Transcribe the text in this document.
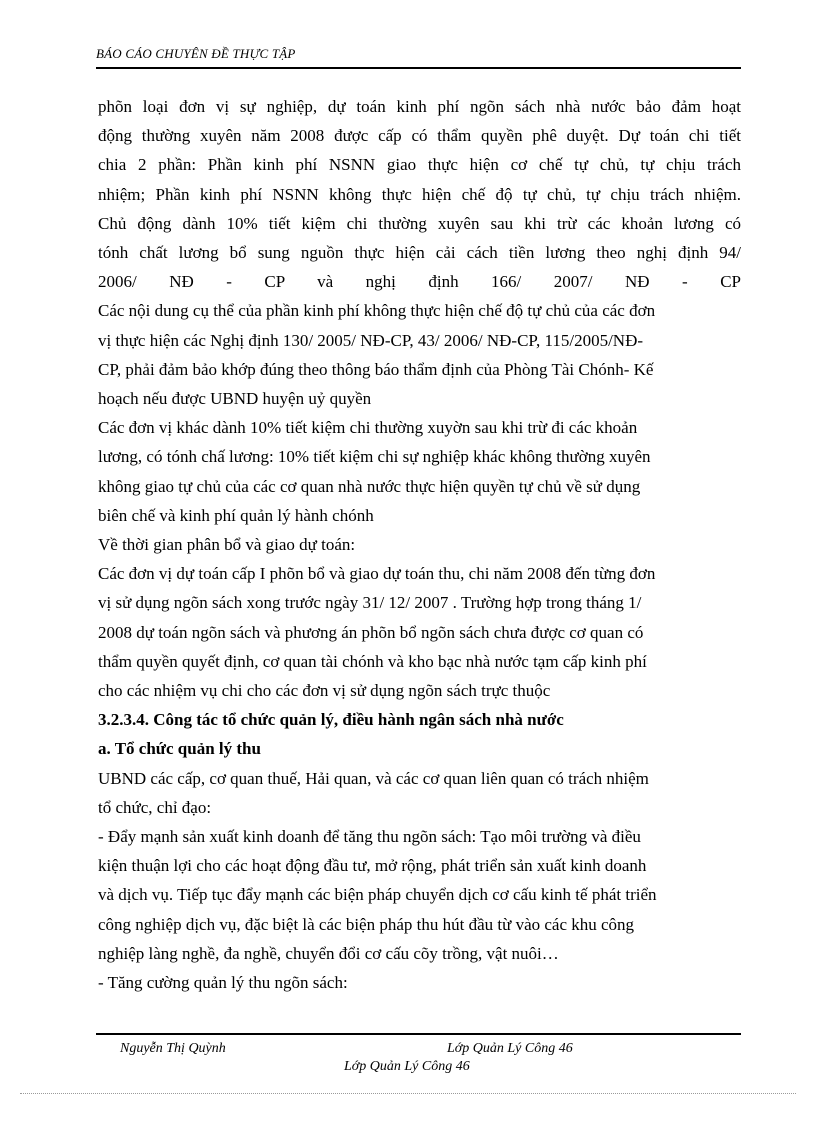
BÁO CÁO CHUYÊN ĐỀ THỰC TẬP

phõn loại đơn vị sự nghiệp, dự toán kinh phí ngõn sách nhà nước bảo đảm hoạt
động thường xuyên năm 2008 được cấp có thẩm quyền phê duyệt. Dự toán chi tiết
chia 2 phần: Phần kinh phí NSNN giao thực hiện cơ chế tự chủ, tự chịu trách
nhiệm; Phần kinh phí NSNN không thực hiện chế độ tự chủ, tự chịu trách nhiệm.
Chủ động dành 10% tiết kiệm chi thường xuyên sau khi trừ các khoản lương có
tónh chất lương bổ sung nguồn thực hiện cải cách tiền lương theo nghị định 94/
2006/ NĐ - CP và nghị định 166/ 2007/ NĐ - CP

Các nội dung cụ thể của phần kinh phí không thực hiện chế độ tự chủ của các đơn
vị thực hiện các Nghị định 130/ 2005/ NĐ-CP, 43/ 2006/ NĐ-CP, 115/2005/NĐ-
CP, phải đảm bảo khớp đúng theo thông báo thẩm định của Phòng Tài Chónh- Kế
hoạch nếu được UBND huyện uỷ quyền

Các đơn vị khác dành 10% tiết kiệm chi thường xuyờn sau khi trừ đi các khoản
lương, có tónh chấ lương: 10% tiết kiệm chi sự nghiệp khác không thường xuyên
không giao tự chủ của các cơ quan nhà nước thực hiện quyền tự chủ về sử dụng
biên chế và kinh phí quản lý hành chónh

Về thời gian phân bổ và giao dự toán:

Các đơn vị dự toán cấp I phõn bổ và giao dự toán thu, chi năm 2008 đến từng đơn
vị sử dụng ngõn sách xong trước ngày 31/ 12/ 2007 . Trường hợp trong tháng 1/
2008 dự toán ngõn sách và phương án phõn bổ ngõn sách chưa được cơ quan có
thẩm quyền quyết định, cơ quan tài chónh và kho bạc nhà nước tạm cấp kinh phí
cho các nhiệm vụ chi cho các đơn vị sử dụng ngõn sách trực thuộc

3.2.3.4. Công tác tổ chức quản lý, điều hành ngân sách nhà nước
a. Tổ chức quản lý thu

UBND các cấp, cơ quan thuế, Hải quan, và các cơ quan liên quan có trách nhiệm
tổ chức, chỉ đạo:

- Đẩy mạnh sản xuất kinh doanh để tăng thu ngõn sách: Tạo môi trường và điều
kiện thuận lợi cho các hoạt động đầu tư, mở rộng, phát triển sản xuất kinh doanh
và dịch vụ. Tiếp tục đẩy mạnh các biện pháp chuyển dịch cơ cấu kinh tế phát triển
công nghiệp dịch vụ, đặc biệt là các biện pháp thu hút đầu từ vào các khu công
nghiệp làng nghề, đa nghề, chuyển đổi cơ cấu cõy trồng, vật nuôi…

- Tăng cường quản lý thu ngõn sách:

Nguyễn Thị Quỳnh	Lớp Quản Lý Công 46
Lớp Quản Lý Công 46
